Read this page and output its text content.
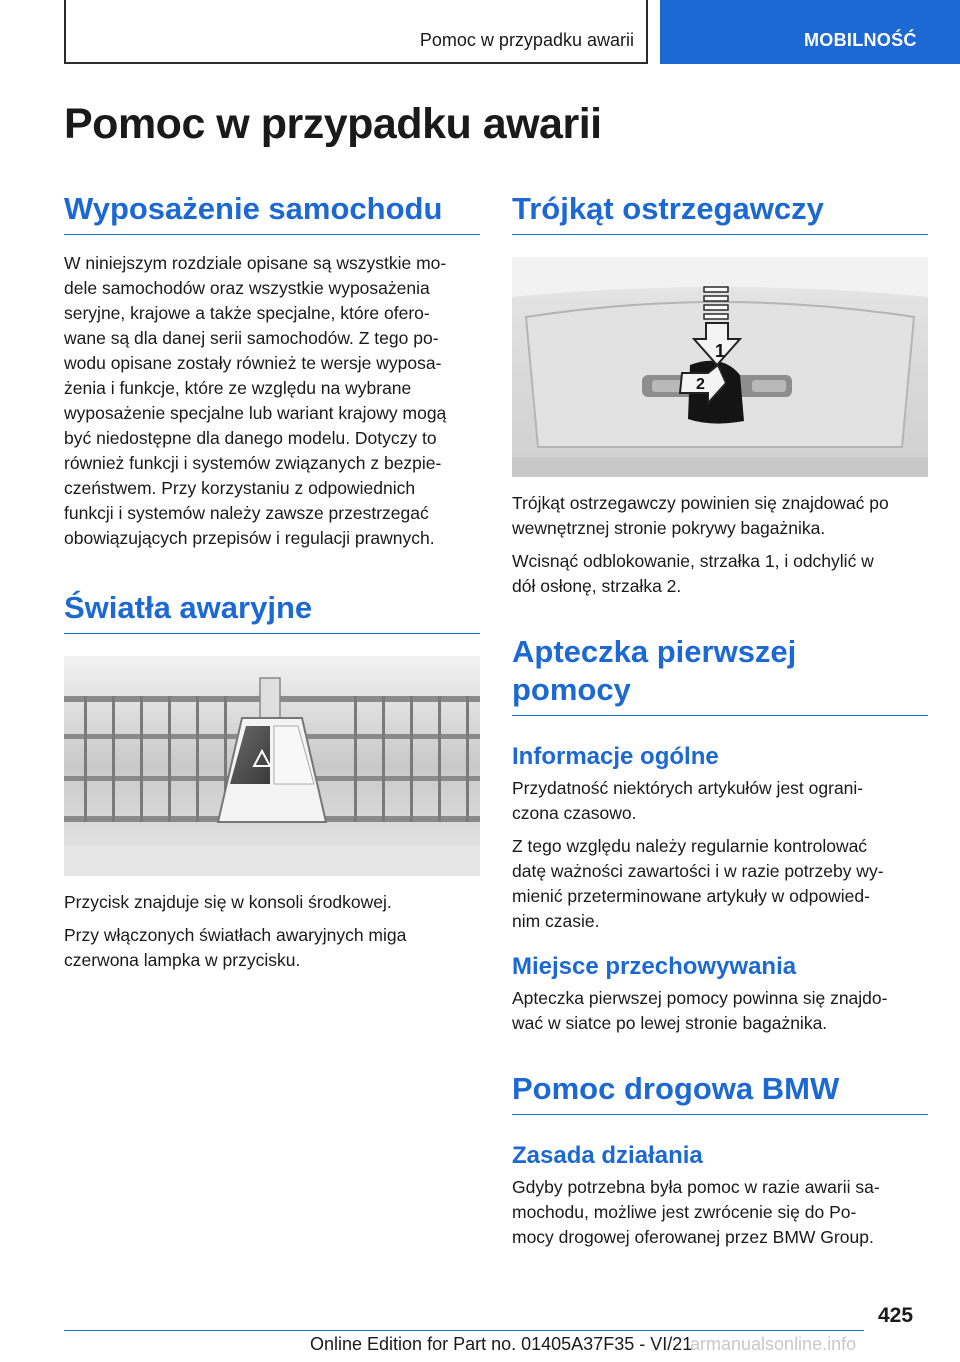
Pomoc w przypadku awarii	MOBILNOŚĆ
Pomoc w przypadku awarii
Wyposażenie samochodu

W niniejszym rozdziale opisane są wszystkie mo-
dele samochodów oraz wszystkie wyposażenia
seryjne, krajowe a także specjalne, które ofero-
wane są dla danej serii samochodów. Z tego po-
wodu opisane zostały również te wersje wyposa-
żenia i funkcje, które ze względu na wybrane
wyposażenie specjalne lub wariant krajowy mogą
być niedostępne dla danego modelu. Dotyczy to
również funkcji i systemów związanych z bezpie-
czeństwem. Przy korzystaniu z odpowiednich
funkcji i systemów należy zawsze przestrzegać
obowiązujących przepisów i regulacji prawnych.

Światła awaryjne

Przycisk znajduje się w konsoli środkowej.

Przy włączonych światłach awaryjnych miga
czerwona lampka w przycisku.

Trójkąt ostrzegawczy
1
2

Trójkąt ostrzegawczy powinien się znajdować po
wewnętrznej stronie pokrywy bagażnika.

Wcisnąć odblokowanie, strzałka 1, i odchylić w
dół osłonę, strzałka 2.

Apteczka pierwszej
pomocy
Informacje ogólne

Przydatność niektórych artykułów jest ograni-
czona czasowo.

Z tego względu należy regularnie kontrolować
datę ważności zawartości i w razie potrzeby wy-
mienić przeterminowane artykuły w odpowied-
nim czasie.

Miejsce przechowywania

Apteczka pierwszej pomocy powinna się znajdo-
wać w siatce po lewej stronie bagażnika.

Pomoc drogowa BMW
Zasada działania

Gdyby potrzebna była pomoc w razie awarii sa-
mochodu, możliwe jest zwrócenie się do Po-
mocy drogowej oferowanej przez BMW Group.

425
Online Edition for Part no. 01405A37F35 - VI/21
armanualsonline.info
